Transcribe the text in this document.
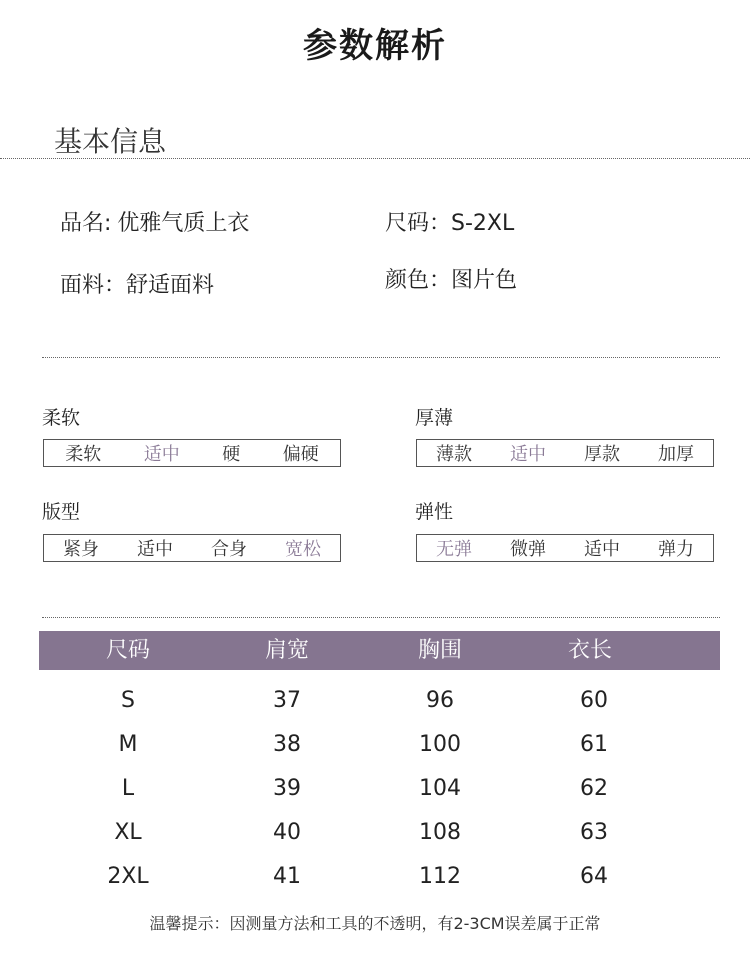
参数解析
基本信息
品名: 优雅气质上衣	尺码：S-2XL
面料：舒适面料	颜色：图片色
柔软
柔软 适中 硬 偏硬
厚薄
薄款 适中 厚款 加厚
版型
紧身 适中 合身 宽松
弹性
无弹 微弹 适中 弹力
尺码	肩宽	胸围	衣长
S	37	96	60
M	38	100	61
L	39	104	62
XL	40	108	63
2XL	41	112	64
温馨提示：因测量方法和工具的不透明，有2-3CM误差属于正常
